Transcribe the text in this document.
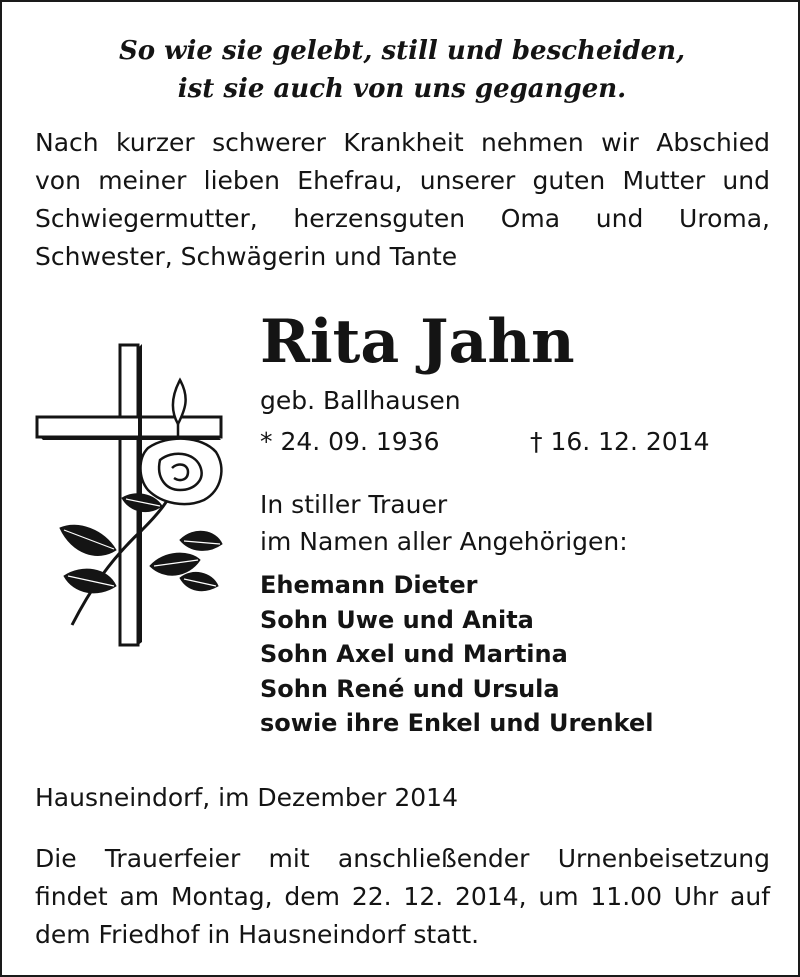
So wie sie gelebt, still und bescheiden,
ist sie auch von uns gegangen.
Nach kurzer schwerer Krankheit nehmen wir Abschied
von meiner lieben Ehefrau, unserer guten Mutter und
Schwiegermutter, herzensguten Oma und Uroma,
Schwester, Schwägerin und Tante
Rita Jahn
geb. Ballhausen
* 24. 09. 1936	† 16. 12. 2014
In stiller Trauer
im Namen aller Angehörigen:
Ehemann Dieter
Sohn Uwe und Anita
Sohn Axel und Martina
Sohn René und Ursula
sowie ihre Enkel und Urenkel
Hausneindorf, im Dezember 2014
Die Trauerfeier mit anschließender Urnenbeisetzung
findet am Montag, dem 22. 12. 2014, um 11.00 Uhr auf
dem Friedhof in Hausneindorf statt.
